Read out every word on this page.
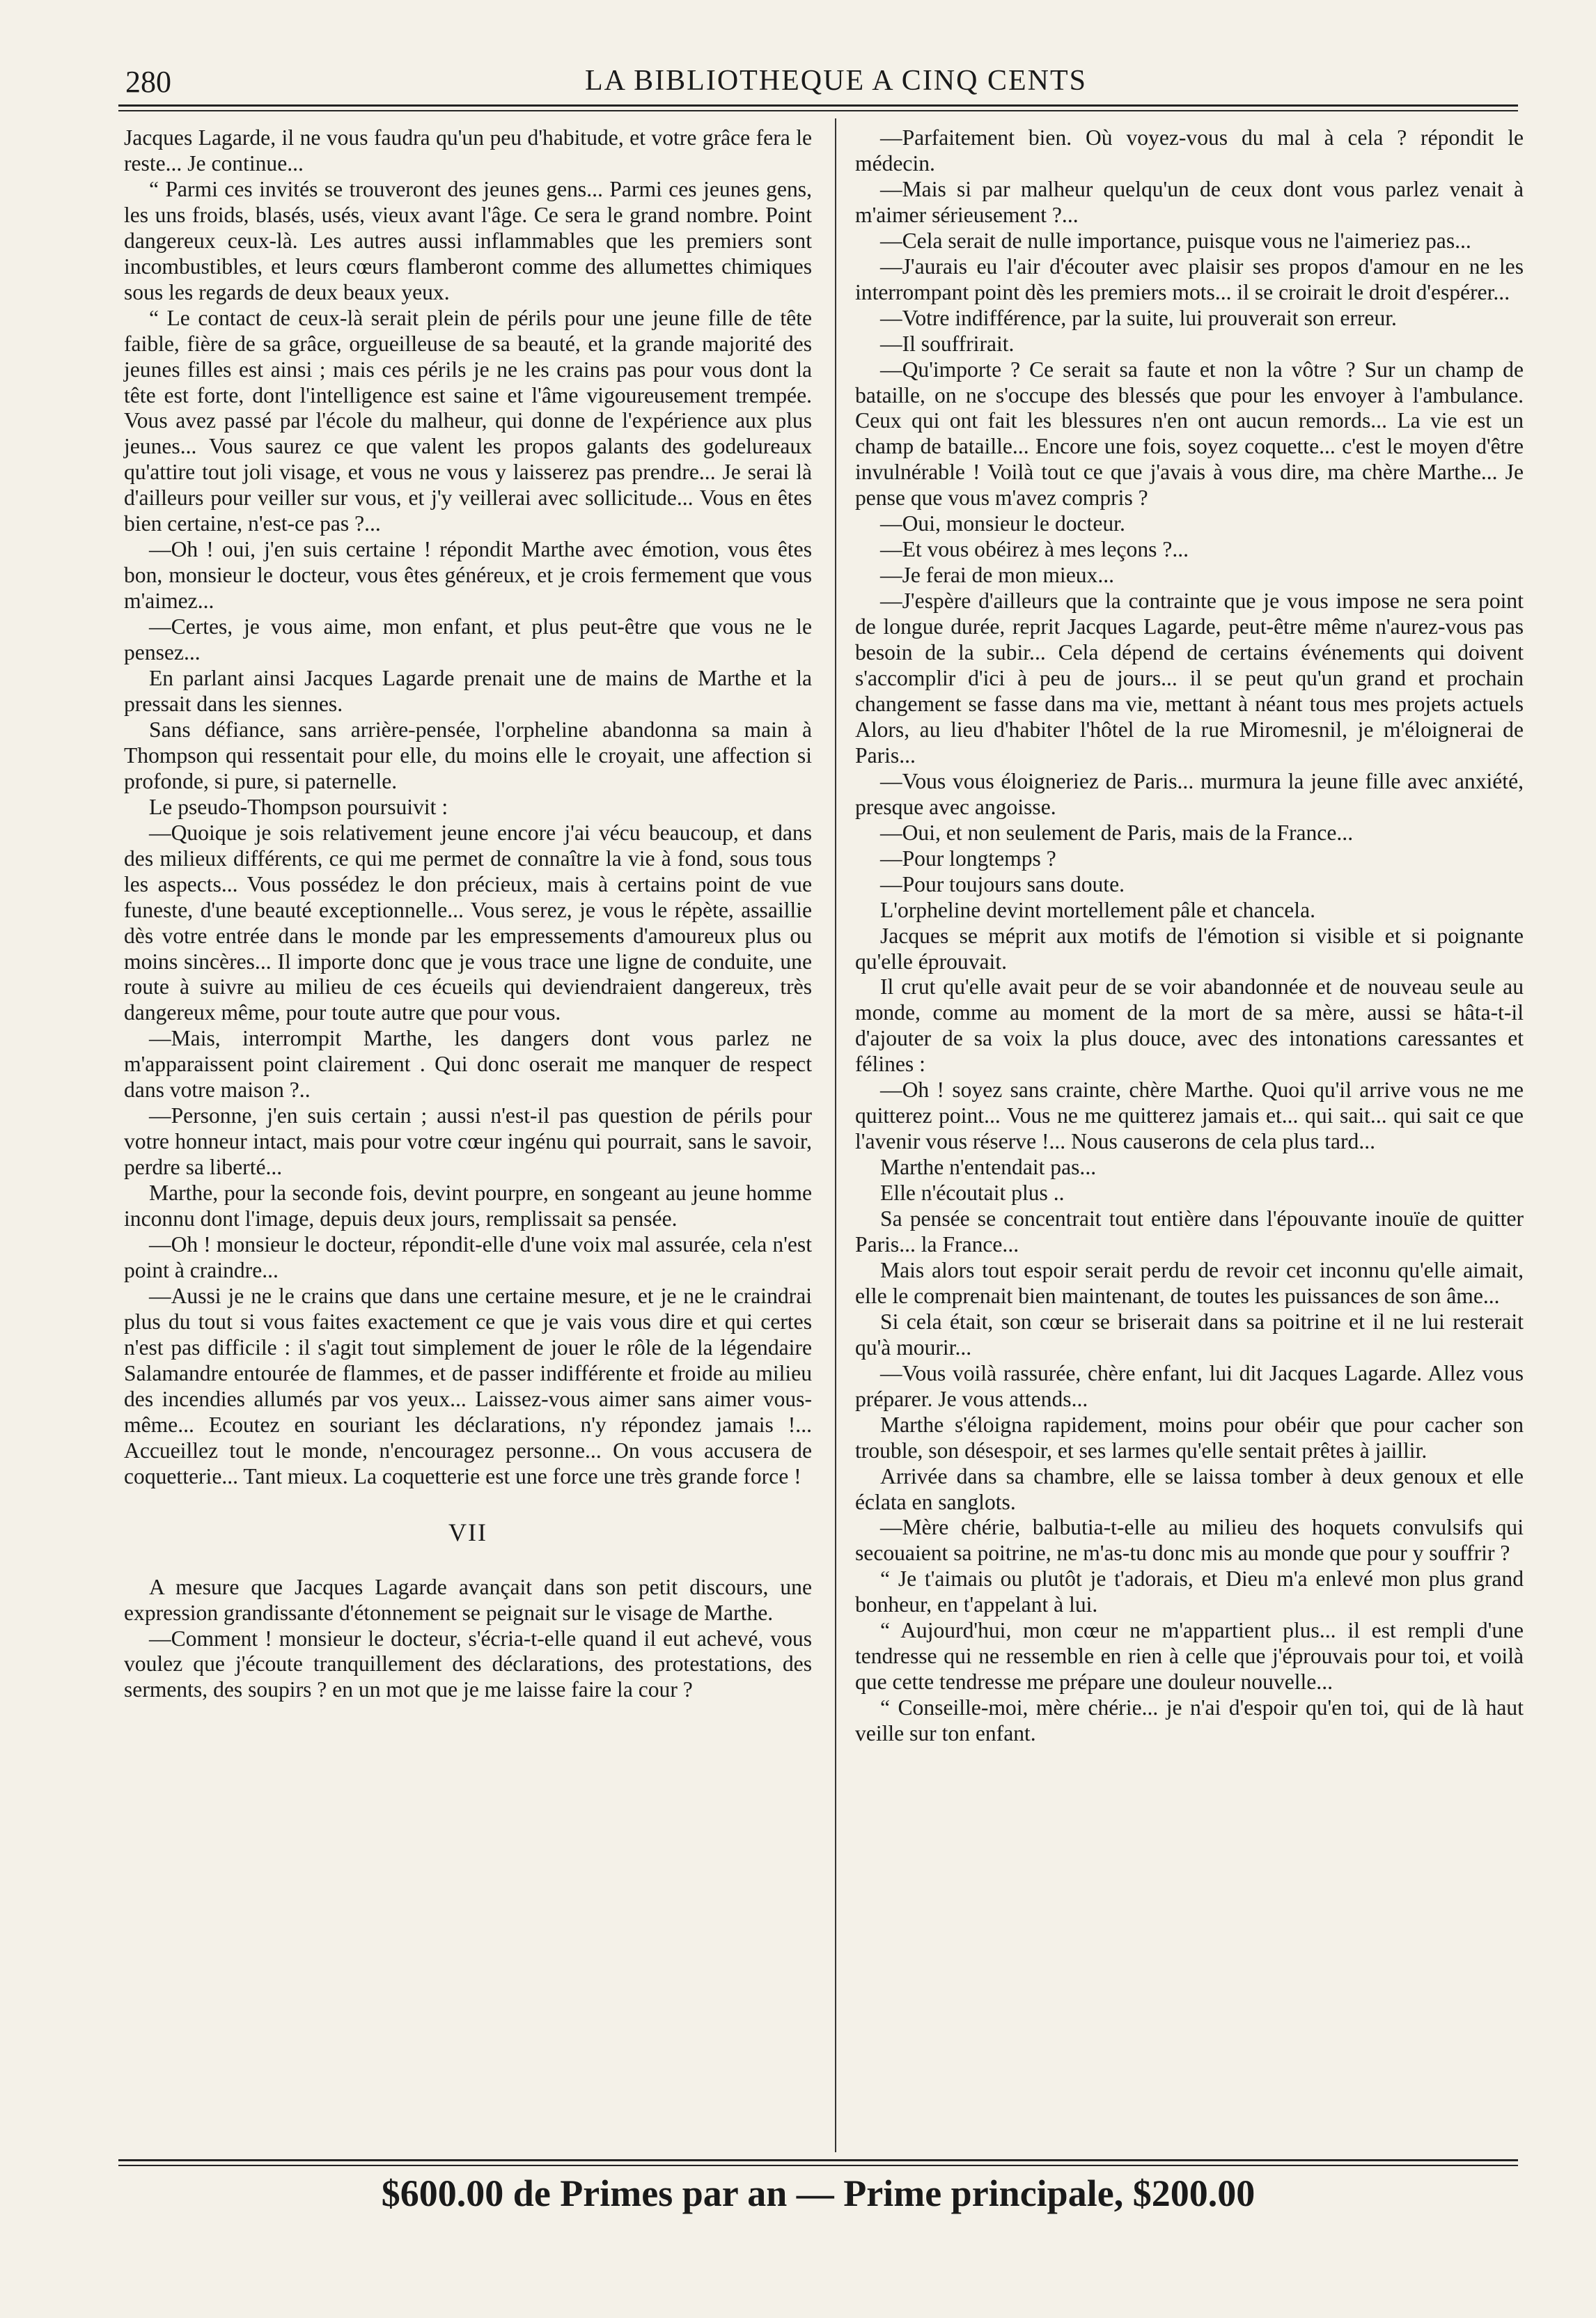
280	LA BIBLIOTHEQUE A CINQ CENTS

Jacques Lagarde, il ne vous faudra qu'un peu d'habitude, et votre grâce fera le reste... Je continue...

“ Parmi ces invités se trouveront des jeunes gens... Parmi ces jeunes gens, les uns froids, blasés, usés, vieux avant l'âge. Ce sera le grand nombre. Point dangereux ceux-là. Les autres aussi inflammables que les premiers sont incombustibles, et leurs cœurs flamberont comme des allumettes chimiques sous les regards de deux beaux yeux.

“ Le contact de ceux-là serait plein de périls pour une jeune fille de tête faible, fière de sa grâce, orgueilleuse de sa beauté, et la grande majorité des jeunes filles est ainsi ; mais ces périls je ne les crains pas pour vous dont la tête est forte, dont l'intelligence est saine et l'âme vigoureusement trempée. Vous avez passé par l'école du malheur, qui donne de l'expérience aux plus jeunes... Vous saurez ce que valent les propos galants des godelureaux qu'attire tout joli visage, et vous ne vous y laisserez pas prendre... Je serai là d'ailleurs pour veiller sur vous, et j'y veillerai avec sollicitude... Vous en êtes bien certaine, n'est-ce pas ?...

—Oh ! oui, j'en suis certaine ! répondit Marthe avec émotion, vous êtes bon, monsieur le docteur, vous êtes généreux, et je crois fermement que vous m'aimez...

—Certes, je vous aime, mon enfant, et plus peut-être que vous ne le pensez...

En parlant ainsi Jacques Lagarde prenait une de mains de Marthe et la pressait dans les siennes.

Sans défiance, sans arrière-pensée, l'orpheline abandonna sa main à Thompson qui ressentait pour elle, du moins elle le croyait, une affection si profonde, si pure, si paternelle.

Le pseudo-Thompson poursuivit :

—Quoique je sois relativement jeune encore j'ai vécu beaucoup, et dans des milieux différents, ce qui me permet de connaître la vie à fond, sous tous les aspects... Vous possédez le don précieux, mais à certains point de vue funeste, d'une beauté exceptionnelle... Vous serez, je vous le répète, assaillie dès votre entrée dans le monde par les empressements d'amoureux plus ou moins sincères... Il importe donc que je vous trace une ligne de conduite, une route à suivre au milieu de ces écueils qui deviendraient dangereux, très dangereux même, pour toute autre que pour vous.

—Mais, interrompit Marthe, les dangers dont vous parlez ne m'apparaissent point clairement . Qui donc oserait me manquer de respect dans votre maison ?..

—Personne, j'en suis certain ; aussi n'est-il pas question de périls pour votre honneur intact, mais pour votre cœur ingénu qui pourrait, sans le savoir, perdre sa liberté...

Marthe, pour la seconde fois, devint pourpre, en songeant au jeune homme inconnu dont l'image, depuis deux jours, remplissait sa pensée.

—Oh ! monsieur le docteur, répondit-elle d'une voix mal assurée, cela n'est point à craindre...

—Aussi je ne le crains que dans une certaine mesure, et je ne le craindrai plus du tout si vous faites exactement ce que je vais vous dire et qui certes n'est pas difficile : il s'agit tout simplement de jouer le rôle de la légendaire Salamandre entourée de flammes, et de passer indifférente et froide au milieu des incendies allumés par vos yeux... Laissez-vous aimer sans aimer vous-même... Ecoutez en souriant les déclarations, n'y répondez jamais !... Accueillez tout le monde, n'encouragez personne... On vous accusera de coquetterie... Tant mieux. La coquetterie est une force une très grande force !

VII

A mesure que Jacques Lagarde avançait dans son petit discours, une expression grandissante d'étonnement se peignait sur le visage de Marthe.

—Comment ! monsieur le docteur, s'écria-t-elle quand il eut achevé, vous voulez que j'écoute tranquillement des déclarations, des protestations, des serments, des soupirs ? en un mot que je me laisse faire la cour ?

—Parfaitement bien. Où voyez-vous du mal à cela ? répondit le médecin.

—Mais si par malheur quelqu'un de ceux dont vous parlez venait à m'aimer sérieusement ?...

—Cela serait de nulle importance, puisque vous ne l'aimeriez pas...

—J'aurais eu l'air d'écouter avec plaisir ses propos d'amour en ne les interrompant point dès les premiers mots... il se croirait le droit d'espérer...

—Votre indifférence, par la suite, lui prouverait son erreur.

—Il souffrirait.

—Qu'importe ? Ce serait sa faute et non la vôtre ? Sur un champ de bataille, on ne s'occupe des blessés que pour les envoyer à l'ambulance. Ceux qui ont fait les blessures n'en ont aucun remords... La vie est un champ de bataille... Encore une fois, soyez coquette... c'est le moyen d'être invulnérable ! Voilà tout ce que j'avais à vous dire, ma chère Marthe... Je pense que vous m'avez compris ?

—Oui, monsieur le docteur.

—Et vous obéirez à mes leçons ?...

—Je ferai de mon mieux...

—J'espère d'ailleurs que la contrainte que je vous impose ne sera point de longue durée, reprit Jacques Lagarde, peut-être même n'aurez-vous pas besoin de la subir... Cela dépend de certains événements qui doivent s'accomplir d'ici à peu de jours... il se peut qu'un grand et prochain changement se fasse dans ma vie, mettant à néant tous mes projets actuels Alors, au lieu d'habiter l'hôtel de la rue Miromesnil, je m'éloignerai de Paris...

—Vous vous éloigneriez de Paris... murmura la jeune fille avec anxiété, presque avec angoisse.

—Oui, et non seulement de Paris, mais de la France...

—Pour longtemps ?

—Pour toujours sans doute.

L'orpheline devint mortellement pâle et chancela.

Jacques se méprit aux motifs de l'émotion si visible et si poignante qu'elle éprouvait.

Il crut qu'elle avait peur de se voir abandonnée et de nouveau seule au monde, comme au moment de la mort de sa mère, aussi se hâta-t-il d'ajouter de sa voix la plus douce, avec des intonations caressantes et félines :

—Oh ! soyez sans crainte, chère Marthe. Quoi qu'il arrive vous ne me quitterez point... Vous ne me quitterez jamais et... qui sait... qui sait ce que l'avenir vous réserve !... Nous causerons de cela plus tard...

Marthe n'entendait pas...

Elle n'écoutait plus ..

Sa pensée se concentrait tout entière dans l'épouvante inouïe de quitter Paris... la France...

Mais alors tout espoir serait perdu de revoir cet inconnu qu'elle aimait, elle le comprenait bien maintenant, de toutes les puissances de son âme...

Si cela était, son cœur se briserait dans sa poitrine et il ne lui resterait qu'à mourir...

—Vous voilà rassurée, chère enfant, lui dit Jacques Lagarde. Allez vous préparer. Je vous attends...

Marthe s'éloigna rapidement, moins pour obéir que pour cacher son trouble, son désespoir, et ses larmes qu'elle sentait prêtes à jaillir.

Arrivée dans sa chambre, elle se laissa tomber à deux genoux et elle éclata en sanglots.

—Mère chérie, balbutia-t-elle au milieu des hoquets convulsifs qui secouaient sa poitrine, ne m'as-tu donc mis au monde que pour y souffrir ?

“ Je t'aimais ou plutôt je t'adorais, et Dieu m'a enlevé mon plus grand bonheur, en t'appelant à lui.

“ Aujourd'hui, mon cœur ne m'appartient plus... il est rempli d'une tendresse qui ne ressemble en rien à celle que j'éprouvais pour toi, et voilà que cette tendresse me prépare une douleur nouvelle...

“ Conseille-moi, mère chérie... je n'ai d'espoir qu'en toi, qui de là haut veille sur ton enfant.

$600.00 de Primes par an — Prime principale, $200.00
